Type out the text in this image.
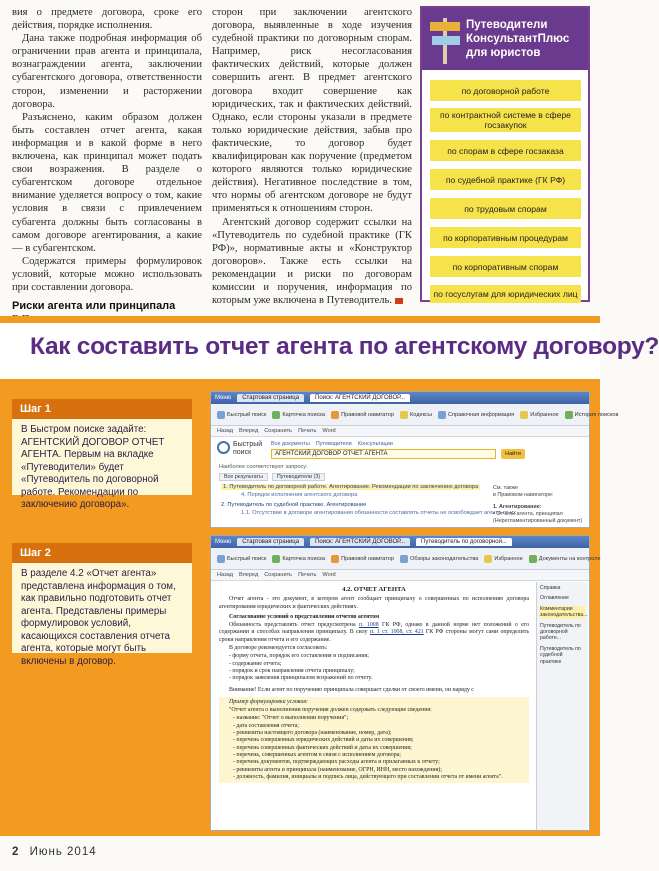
вия о предмете договора, сроке его действия, порядке исполнения.

Дана также подробная информация об ограничении прав агента и принципала, вознаграждении агента, заключении субагентского договора, ответственности сторон, изменении и расторжении договора.

Разъяснено, каким образом должен быть составлен отчет агента, какая информация и в какой форме в него включена, как принципал может подать свои возражения. В разделе о субагентском договоре отдельное внимание уделяется вопросу о том, какие условия в связи с привлечением субагента должны быть согласованы в самом договоре агентирования, а какие — в субагентском.

Содержатся примеры формулировок условий, которые можно использовать при составлении договора.

Риски агента или принципала

сторон при заключении агентского договора, выявленные в ходе изучения судебной практики по договорным спорам. Например, риск несогласования фактических действий, которые должен совершить агент. В предмет агентского договора входит совершение как юридических, так и фактических действий. Однако, если стороны указали в предмете только юридические действия, забыв про фактические, то договор будет квалифицирован как поручение (предметом которого являются только юридические действия). Негативное последствие в том, что нормы об агентском договоре не будут применяться к отношениям сторон.

Агентский договор содержит ссылки на «Путеводитель по судебной практике (ГК РФ)», нормативные акты и «Конструктор договоров». Также есть ссылки на рекомендации и риски по договорам комиссии и поручения, информация по которым уже включена в Путеводитель.

Путеводители
КонсультантПлюс
для юристов
по договорной работе
по контрактной системе в сфере госзакупок
по спорам в сфере госзаказа
по судебной практике (ГК РФ)
по трудовым спорам
по корпоративным процедурам
по корпоративным спорам
по госуслугам для юридических лиц
Как составить отчет агента по агентскому договору?
Шаг 1
В Быстром поиске задайте: АГЕНТСКИЙ ДОГОВОР ОТЧЕТ АГЕНТА. Первым на вкладке «Путеводители» будет «Путеводитель по договорной работе. Рекомендации по заключению договора».
Шаг 2
В разделе 4.2 «Отчет агента» представлена информация о том, как правильно подготовить отчет агента. Представлены примеры формулировок условий, касающихся составления отчета агента, которые могут быть включены в договор.
Меню	Стартовая страница	Поиск: АГЕНТСКИЙ ДОГОВОР...
Быстрый поиск	Карточка поиска	Правовой навигатор	Кодексы	Справочная информация	Избранное	История поисков
Назад Вперед Сохранить Печать Word
Быстрый
поиск
Все документы Путеводители Консультации
АГЕНТСКИЙ ДОГОВОР ОТЧЕТ АГЕНТА	Найти
Наиболее соответствуют запросу:
Все результаты	Путеводители (3)
1. Путеводитель по договорной работе. Агентирование. Рекомендации по заключению договора
4. Порядок исполнения агентского договора
2. Путеводитель по судебной практике. Агентирование
1.1. Отсутствие в договоре агентирования обязанности составлять отчеты не освобождает агента от их
См. также
в Правовом навигаторе:
1. Агентирование:
• Отчеты агента, принципал
(Нерегламентированный документ)
Меню	Стартовая страница	Поиск: АГЕНТСКИЙ ДОГОВОР...	Путеводитель по договорной...
Быстрый поиск	Карточка поиска	Правовой навигатор	Обзоры законодательства	Избранное	Документы на контроле
Назад Вперед Сохранить Печать Word
4.2. ОТЧЕТ АГЕНТА

Отчет агента - это документ, в котором агент сообщает принципалу о совершенных по исполнению договора агентирования юридических и фактических действиях.

Согласование условий о представлении отчетов агентом

Обязанность представлять отчет предусмотрена п. 1008 ГК РФ, однако в данной норме нет положений о его содержании и способах направления принципалу. В силу п. 1 ст. 1008, ст. 421 ГК РФ стороны могут сами определить сроки направления отчета и его содержание.

В договоре рекомендуется согласовать:

- форму отчета, порядок его составления и подписания;
- содержание отчета;
- порядок и срок направления отчета принципалу;
- порядок заявления принципалом возражений по отчету.

Внимание! Если агент по поручению принципала совершает сделки от своего имени, он наряду с

Пример формулировки условия:

"Отчет агента о выполнении поручения должен содержать следующие сведения:

- название: "Отчет о выполнении поручения";
- дата составления отчета;
- реквизиты настоящего договора (наименование, номер, дата);
- перечень совершенных юридических действий и даты их совершения;
- перечень совершенных фактических действий и даты их совершения;
- перечень, совершенных агентом в связи с исполнением договора;
- перечень документов, подтверждающих расходы агента и прилагаемых к отчету;
- реквизиты агента и принципала (наименование, ОГРН, ИНН, место нахождения);
- должность, фамилия, инициалы и подпись лица, действующего при составлении отчета от имени агента".
Справка
Оглавление
Комментарии законодательства...
Путеводитель по договорной работе...
Путеводитель по судебной практике
2 Июнь 2014
